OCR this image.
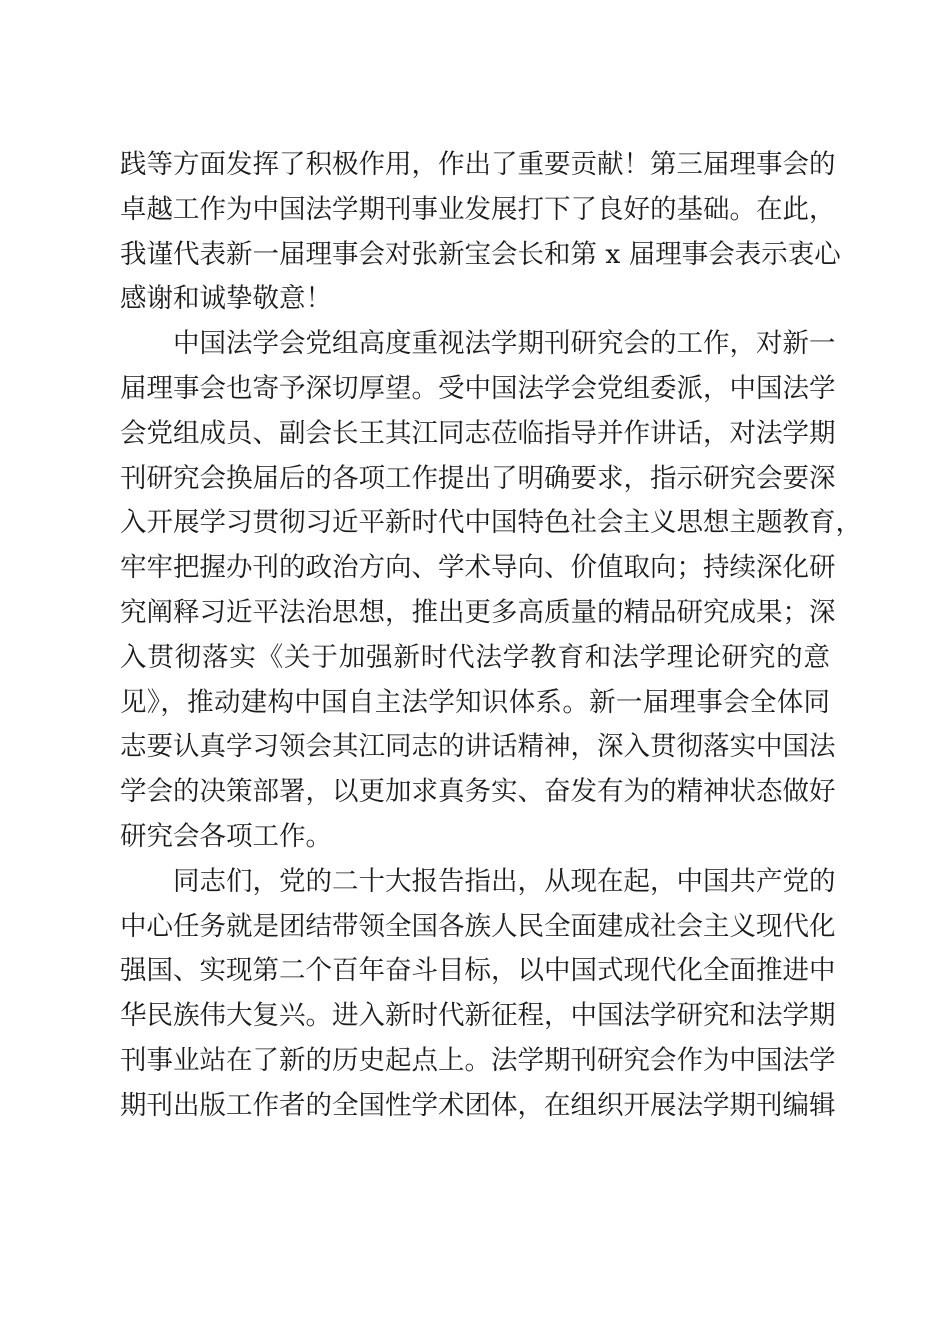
践等方面发挥了积极作用，作出了重要贡献！第三届理事会的
卓越工作为中国法学期刊事业发展打下了良好的基础。在此，
我谨代表新一届理事会对张新宝会长和第 x 届理事会表示衷心
感谢和诚挚敬意！
中国法学会党组高度重视法学期刊研究会的工作，对新一
届理事会也寄予深切厚望。受中国法学会党组委派，中国法学
会党组成员、副会长王其江同志莅临指导并作讲话，对法学期
刊研究会换届后的各项工作提出了明确要求，指示研究会要深
入开展学习贯彻习近平新时代中国特色社会主义思想主题教育，
牢牢把握办刊的政治方向、学术导向、价值取向；持续深化研
究阐释习近平法治思想，推出更多高质量的精品研究成果；深
入贯彻落实《关于加强新时代法学教育和法学理论研究的意
见》，推动建构中国自主法学知识体系。新一届理事会全体同
志要认真学习领会其江同志的讲话精神，深入贯彻落实中国法
学会的决策部署，以更加求真务实、奋发有为的精神状态做好
研究会各项工作。
同志们，党的二十大报告指出，从现在起，中国共产党的
中心任务就是团结带领全国各族人民全面建成社会主义现代化
强国、实现第二个百年奋斗目标，以中国式现代化全面推进中
华民族伟大复兴。进入新时代新征程，中国法学研究和法学期
刊事业站在了新的历史起点上。法学期刊研究会作为中国法学
期刊出版工作者的全国性学术团体，在组织开展法学期刊编辑
